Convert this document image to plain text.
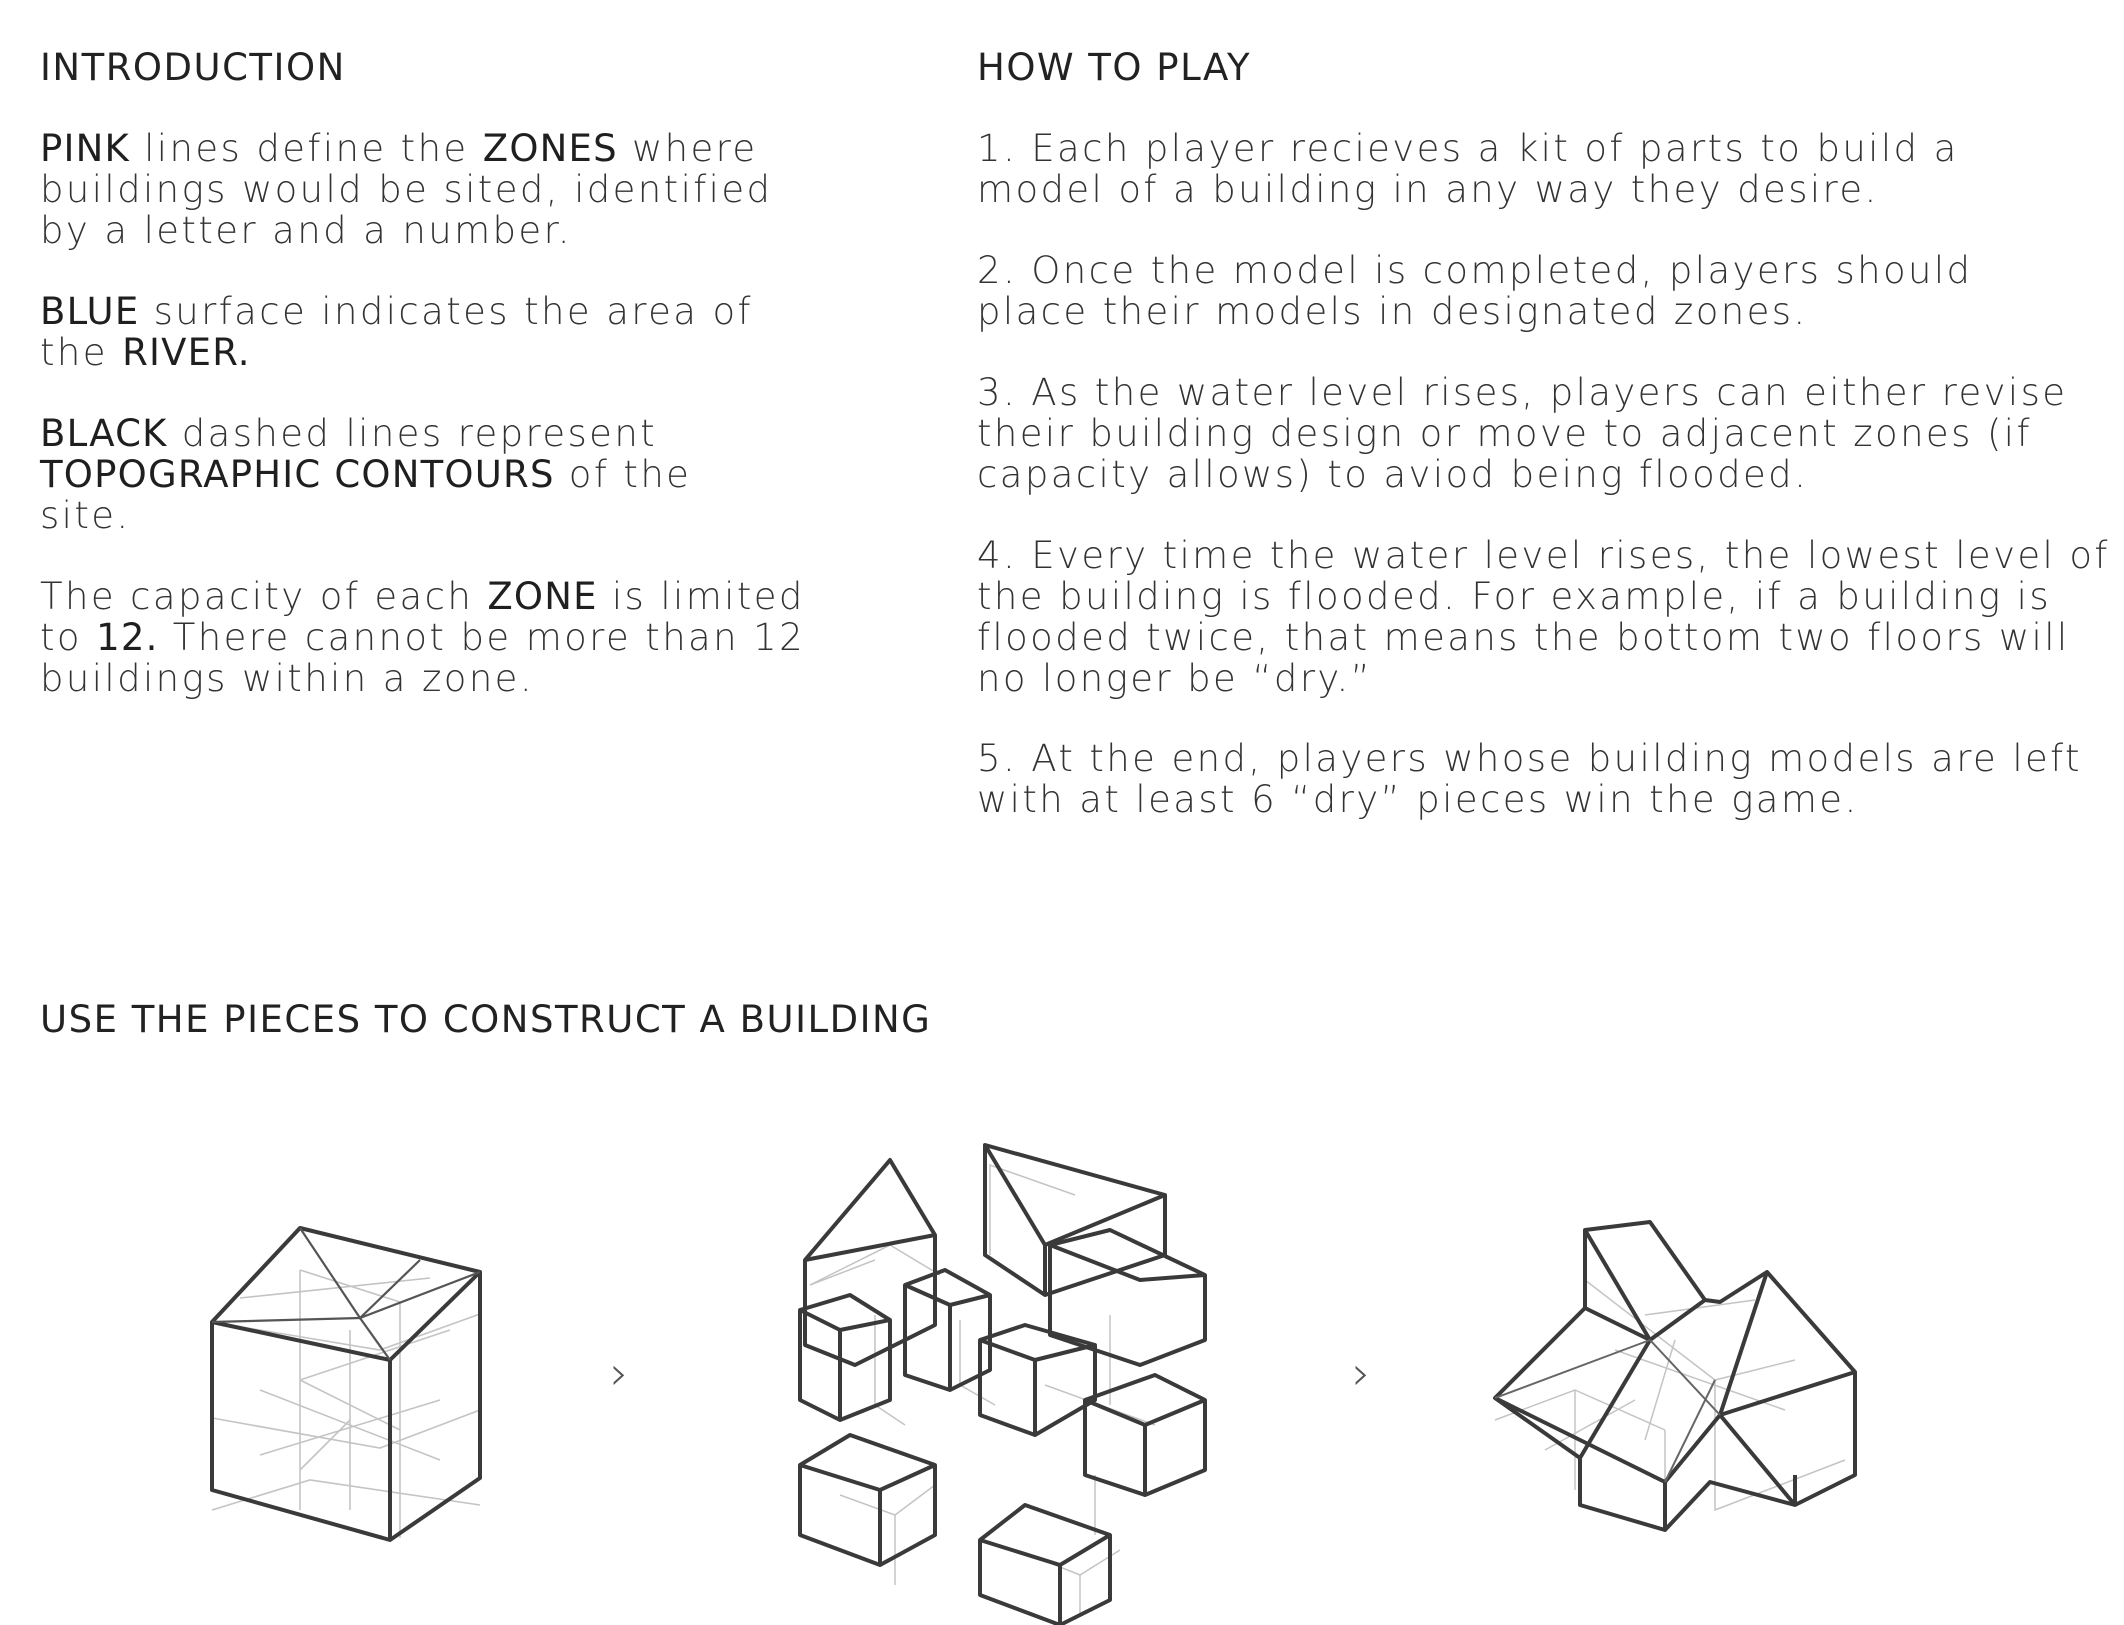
INTRODUCTION	HOW TO PLAY
PINK lines define the ZONES where
buildings would be sited, identified
by a letter and a number.
BLUE surface indicates the area of
the RIVER.
BLACK dashed lines represent
TOPOGRAPHIC CONTOURS of the
site.
The capacity of each ZONE is limited
to 12. There cannot be more than 12
buildings within a zone.
1. Each player recieves a kit of parts to build a
model of a building in any way they desire.
2. Once the model is completed, players should
place their models in designated zones.
3. As the water level rises, players can either revise
their building design or move to adjacent zones (if
capacity allows) to aviod being flooded.
4. Every time the water level rises, the lowest level of
the building is flooded. For example, if a building is
flooded twice, that means the bottom two floors will
no longer be “dry.”
5. At the end, players whose building models are left
with at least 6 “dry” pieces win the game.
USE THE PIECES TO CONSTRUCT A BUILDING
›	›
